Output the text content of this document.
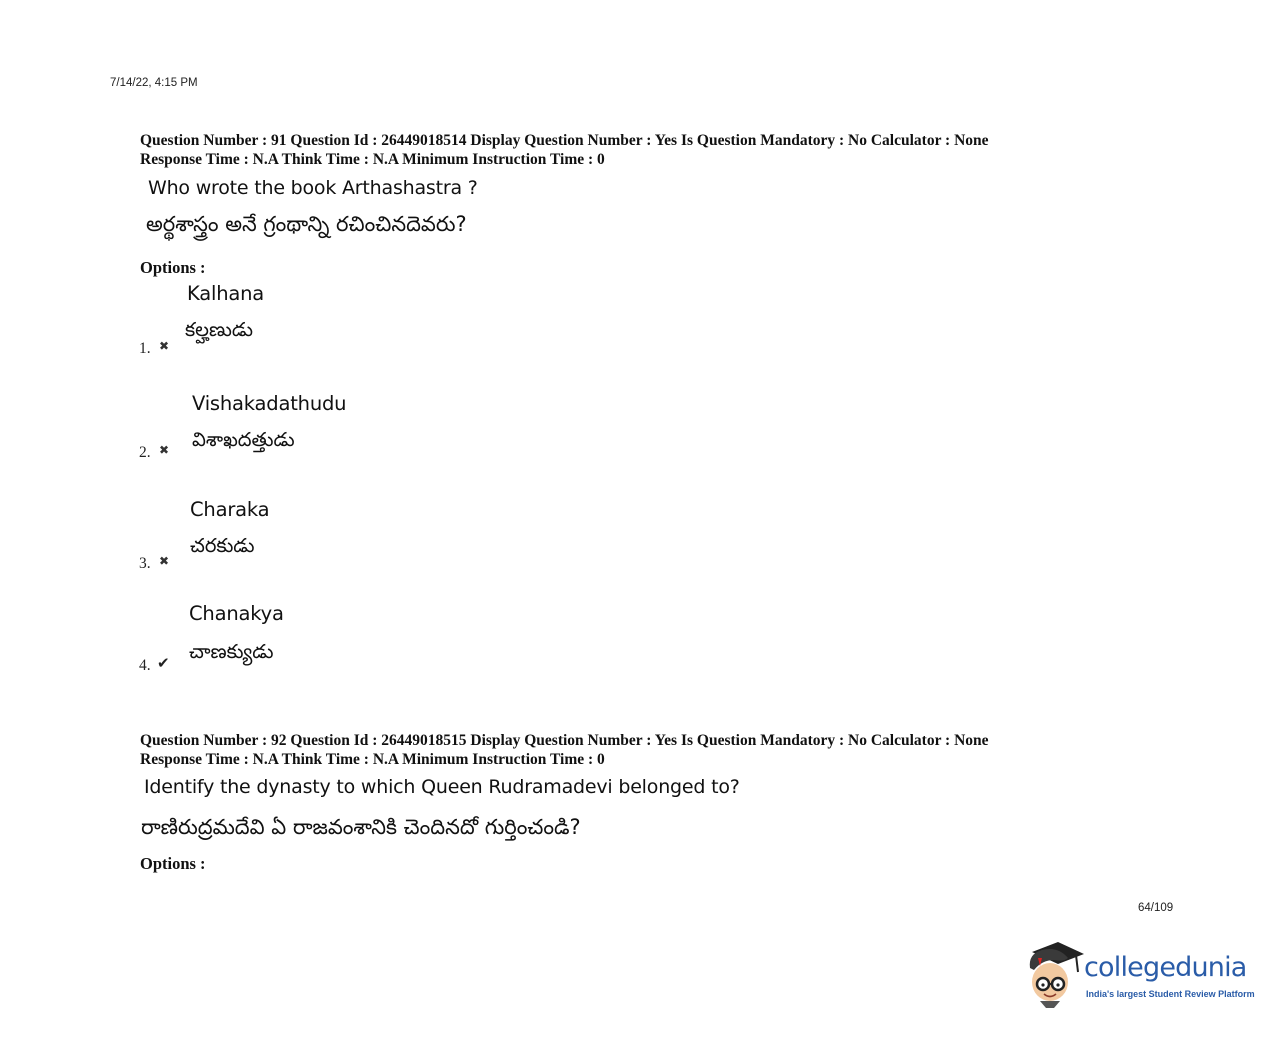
7/14/22, 4:15 PM
Question Number : 91 Question Id : 26449018514 Display Question Number : Yes Is Question Mandatory : No Calculator : None
Response Time : N.A Think Time : N.A Minimum Instruction Time : 0
Who wrote the book Arthashastra ?
అర్థశాస్త్రం అనే గ్రంథాన్ని రచించినదెవరు?
Options :
Kalhana
కల్హణుడు
1. ✖
Vishakadathudu
విశాఖదత్తుడు
2. ✖
Charaka
చరకుడు
3. ✖
Chanakya
చాణక్యుడు
4. ✔
Question Number : 92 Question Id : 26449018515 Display Question Number : Yes Is Question Mandatory : No Calculator : None
Response Time : N.A Think Time : N.A Minimum Instruction Time : 0
Identify the dynasty to which Queen Rudramadevi belonged to?
రాణిరుద్రమదేవి ఏ రాజవంశానికి చెందినదో గుర్తించండి?
Options :
64/109
collegedunia
India's largest Student Review Platform
